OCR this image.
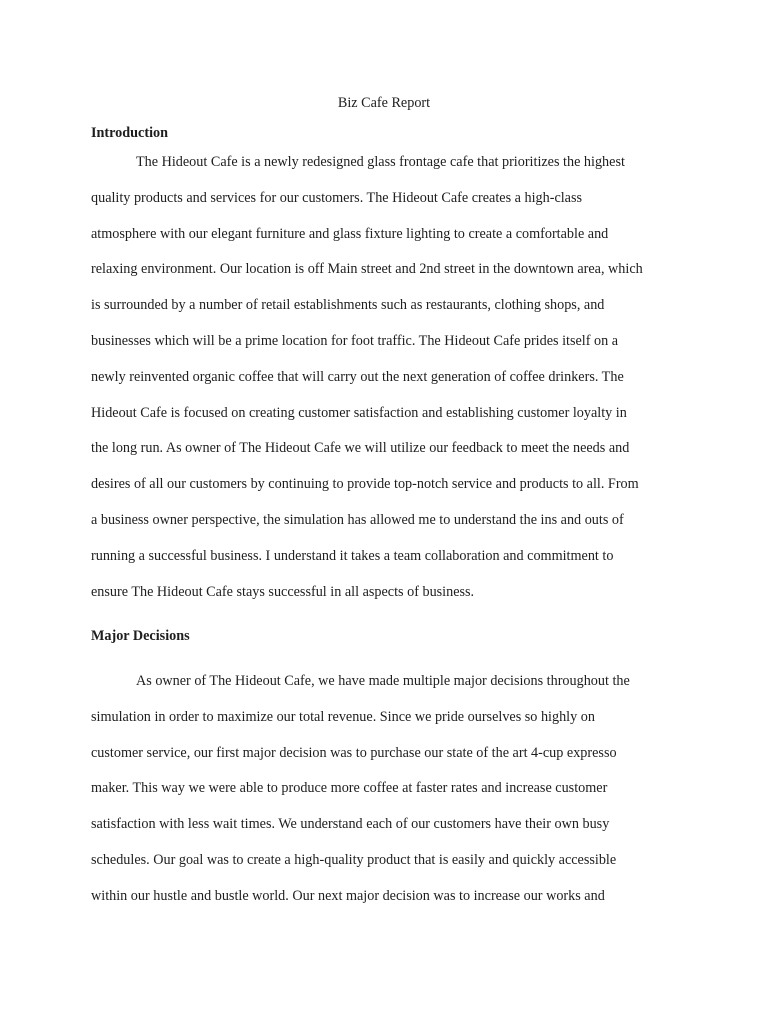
Biz Cafe Report
Introduction
The Hideout Cafe is a newly redesigned glass frontage cafe that prioritizes the highest
quality products and services for our customers. The Hideout Cafe creates a high-class
atmosphere with our elegant furniture and glass fixture lighting to create a comfortable and
relaxing environment. Our location is off Main street and 2nd street in the downtown area, which
is surrounded by a number of retail establishments such as restaurants, clothing shops, and
businesses which will be a prime location for foot traffic. The Hideout Cafe prides itself on a
newly reinvented organic coffee that will carry out the next generation of coffee drinkers. The
Hideout Cafe is focused on creating customer satisfaction and establishing customer loyalty in
the long run. As owner of The Hideout Cafe we will utilize our feedback to meet the needs and
desires of all our customers by continuing to provide top-notch service and products to all. From
a business owner perspective, the simulation has allowed me to understand the ins and outs of
running a successful business. I understand it takes a team collaboration and commitment to
ensure The Hideout Cafe stays successful in all aspects of business.
Major Decisions
As owner of The Hideout Cafe, we have made multiple major decisions throughout the
simulation in order to maximize our total revenue. Since we pride ourselves so highly on
customer service, our first major decision was to purchase our state of the art 4-cup expresso
maker. This way we were able to produce more coffee at faster rates and increase customer
satisfaction with less wait times. We understand each of our customers have their own busy
schedules. Our goal was to create a high-quality product that is easily and quickly accessible
within our hustle and bustle world. Our next major decision was to increase our works and
